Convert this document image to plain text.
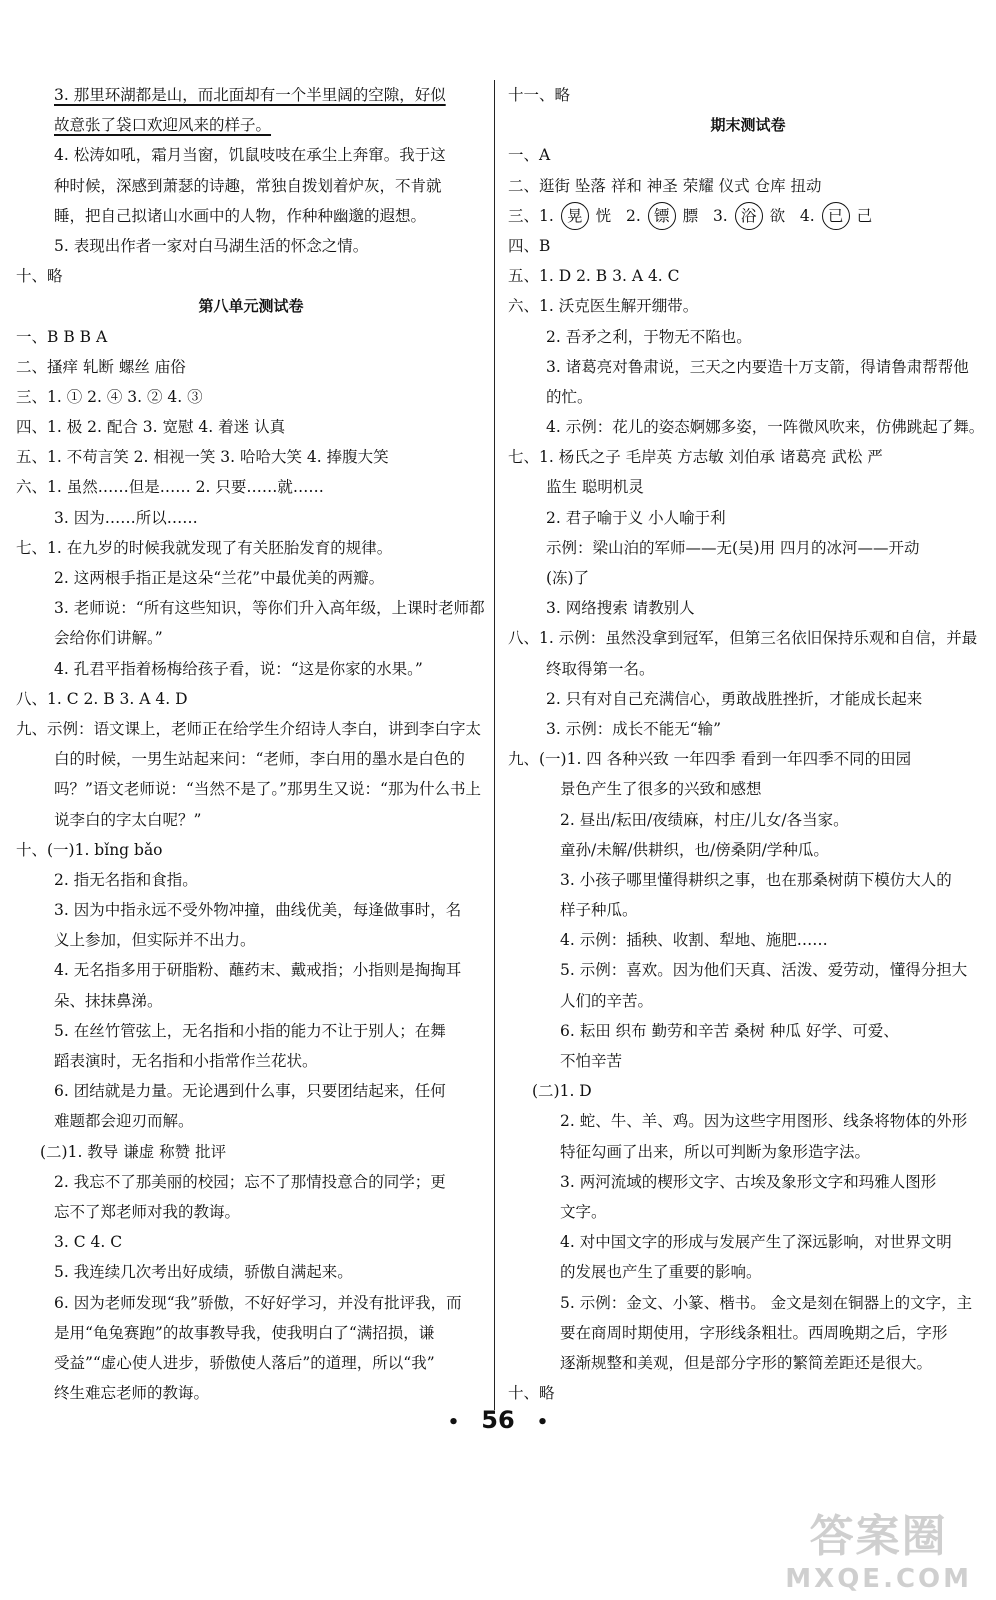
3. 那里环湖都是山，而北面却有一个半里阔的空隙，好似
故意张了袋口欢迎风来的样子。
4. 松涛如吼，霜月当窗，饥鼠吱吱在承尘上奔窜。我于这
种时候，深感到萧瑟的诗趣，常独自拨划着炉灰，不肯就
睡，把自己拟诸山水画中的人物，作种种幽邈的遐想。
5. 表现出作者一家对白马湖生活的怀念之情。
十、略
第八单元测试卷
一、B B B A
二、搔痒 轧断 螺丝 庙俗
三、1. ① 2. ④ 3. ② 4. ③
四、1. 极 2. 配合 3. 宽慰 4. 着迷 认真
五、1. 不苟言笑 2. 相视一笑 3. 哈哈大笑 4. 捧腹大笑
六、1. 虽然……但是…… 2. 只要……就……
3. 因为……所以……
七、1. 在九岁的时候我就发现了有关胚胎发育的规律。
2. 这两根手指正是这朵“兰花”中最优美的两瓣。
3. 老师说：“所有这些知识，等你们升入高年级，上课时老师都
会给你们讲解。”
4. 孔君平指着杨梅给孩子看，说：“这是你家的水果。”
八、1. C 2. B 3. A 4. D
九、示例：语文课上，老师正在给学生介绍诗人李白，讲到李白字太
白的时候，一男生站起来问：“老师，李白用的墨水是白色的
吗？”语文老师说：“当然不是了。”那男生又说：“那为什么书上
说李白的字太白呢？”
十、(一)1. bǐng bǎo
2. 指无名指和食指。
3. 因为中指永远不受外物冲撞，曲线优美，每逢做事时，名
义上参加，但实际并不出力。
4. 无名指多用于研脂粉、蘸药末、戴戒指；小指则是掏掏耳
朵、抹抹鼻涕。
5. 在丝竹管弦上，无名指和小指的能力不让于别人；在舞
蹈表演时，无名指和小指常作兰花状。
6. 团结就是力量。无论遇到什么事，只要团结起来，任何
难题都会迎刃而解。
(二)1. 教导 谦虚 称赞 批评
2. 我忘不了那美丽的校园；忘不了那情投意合的同学；更
忘不了郑老师对我的教诲。
3. C 4. C
5. 我连续几次考出好成绩，骄傲自满起来。
6. 因为老师发现“我”骄傲，不好好学习，并没有批评我，而
是用“龟兔赛跑”的故事教导我，使我明白了“满招损，谦
受益”“虚心使人进步，骄傲使人落后”的道理，所以“我”
终生难忘老师的教诲。
十一、略
期末测试卷
一、A
二、逛街 坠落 祥和 神圣 荣耀 仪式 仓库 扭动
三、1. 晃 恍 2. 镖 膘 3. 浴 欲 4. 已 己
四、B
五、1. D 2. B 3. A 4. C
六、1. 沃克医生解开绷带。
2. 吾矛之利，于物无不陷也。
3. 诸葛亮对鲁肃说，三天之内要造十万支箭，得请鲁肃帮帮他
的忙。
4. 示例：花儿的姿态婀娜多姿，一阵微风吹来，仿佛跳起了舞。
七、1. 杨氏之子 毛岸英 方志敏 刘伯承 诸葛亮 武松 严
监生 聪明机灵
2. 君子喻于义 小人喻于利
示例：梁山泊的军师——无(吴)用 四月的冰河——开动
(冻)了
3. 网络搜索 请教别人
八、1. 示例：虽然没拿到冠军，但第三名依旧保持乐观和自信，并最
终取得第一名。
2. 只有对自己充满信心，勇敢战胜挫折，才能成长起来
3. 示例：成长不能无“输”
九、(一)1. 四 各种兴致 一年四季 看到一年四季不同的田园
景色产生了很多的兴致和感想
2. 昼出/耘田/夜绩麻，村庄/儿女/各当家。
童孙/未解/供耕织，也/傍桑阴/学种瓜。
3. 小孩子哪里懂得耕织之事，也在那桑树荫下模仿大人的
样子种瓜。
4. 示例：插秧、收割、犁地、施肥……
5. 示例：喜欢。因为他们天真、活泼、爱劳动，懂得分担大
人们的辛苦。
6. 耘田 织布 勤劳和辛苦 桑树 种瓜 好学、可爱、
不怕辛苦
(二)1. D
2. 蛇、牛、羊、鸡。因为这些字用图形、线条将物体的外形
特征勾画了出来，所以可判断为象形造字法。
3. 两河流域的楔形文字、古埃及象形文字和玛雅人图形
文字。
4. 对中国文字的形成与发展产生了深远影响，对世界文明
的发展也产生了重要的影响。
5. 示例：金文、小篆、楷书。 金文是刻在铜器上的文字，主
要在商周时期使用，字形线条粗壮。西周晚期之后，字形
逐渐规整和美观，但是部分字形的繁简差距还是很大。
十、略
• 56 •
答案圈
MXQE.COM
